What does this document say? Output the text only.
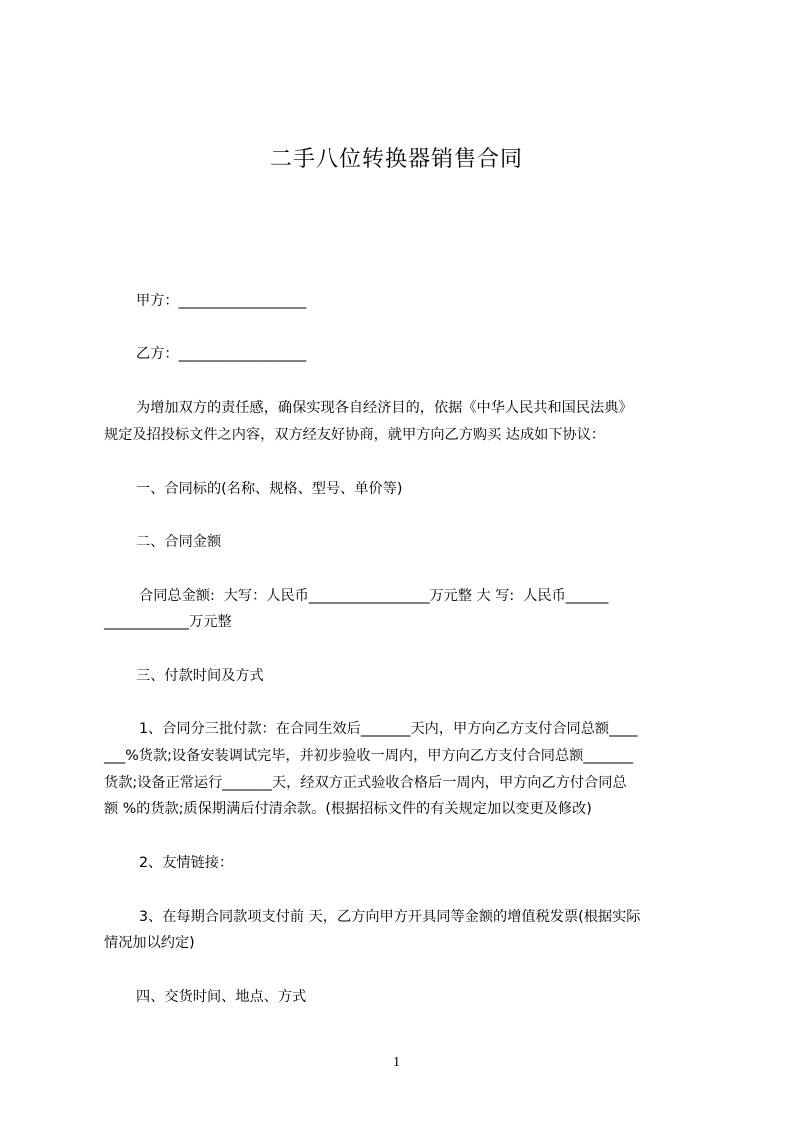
二手八位转换器销售合同
甲方：__________________
乙方：__________________
为增加双方的责任感，确保实现各自经济目的，依据《中华人民共和国民法典》
规定及招投标文件之内容，双方经友好协商，就甲方向乙方购买 达成如下协议：
一、合同标的(名称、规格、型号、单价等)
二、合同金额
合同总金额:  大写：人民币_________________万元整 大 写:  人民币______
____________万元整
三、付款时间及方式
1、合同分三批付款：在合同生效后_______天内，甲方向乙方支付合同总额____
___%货款;设备安装调试完毕，并初步验收一周内，甲方向乙方支付合同总额_______
货款;设备正常运行_______天，经双方正式验收合格后一周内，甲方向乙方付合同总
额 %的货款;质保期满后付清余款。(根据招标文件的有关规定加以变更及修改)
2、友情链接：
3、在每期合同款项支付前 天，乙方向甲方开具同等金额的增值税发票(根据实际
情况加以约定)
四、交货时间、地点、方式
1
